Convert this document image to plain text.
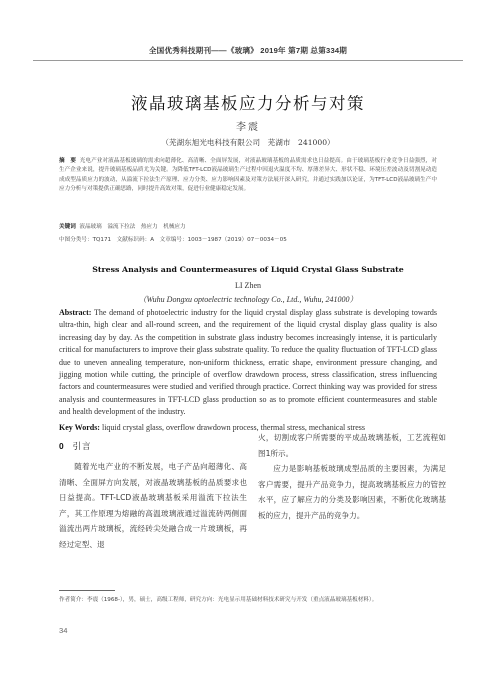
全国优秀科技期刊——《玻璃》 2019年 第7期 总第334期
液晶玻璃基板应力分析与对策
李震
（芜湖东旭光电科技有限公司　芜湖市　241000）
摘　要 光电产业对液晶基板玻璃的需求向超薄化、高清晰、全面屏发展，对液晶玻璃基板的品质需求也日益提高。由于玻璃基板行业竞争日益强烈，对生产企业来说，提升玻璃基板品质尤为关键。为降低TFT-LCD液晶玻璃生产过程中因退火温度不均、厚薄差异大、形状不稳、环境压差波动及切割晃动造成成型品质应力的波动，从溢流下拉法生产原理、应力分类、应力影响因素及对策方法展开深入研究，并通过实践加以论证，为TFT-LCD液晶玻璃生产中应力分析与对策提供正确思路，同时提升高效对策，促进行业健康稳定发展。
关键词 液晶玻璃　溢流下拉法　热应力　机械应力
中图分类号：TQ171　文献标识码：A　文章编号：1003－1987（2019）07－0034－05
Stress Analysis and Countermeasures of Liquid Crystal Glass Substrate
LI Zhen
（Wuhu Dongxu optoelectric technology Co., Ltd., Wuhu, 241000）
Abstract: The demand of photoelectric industry for the liquid crystal display glass substrate is developing towards ultra-thin, high clear and all-round screen, and the requirement of the liquid crystal display glass quality is also increasing day by day. As the competition in substrate glass industry becomes increasingly intense, it is particularly critical for manufacturers to improve their glass substrate quality. To reduce the quality fluctuation of TFT-LCD glass due to uneven annealing temperature, non-uniform thickness, erratic shape, environment pressure changing, and jigging motion while cutting, the principle of overflow drawdown process, stress classification, stress influencing factors and countermeasures were studied and verified through practice. Correct thinking way was provided for stress analysis and countermeasures in TFT-LCD glass production so as to promote efficient countermeasures and stable and health development of the industry.
Key Words: liquid crystal glass, overflow drawdown process, thermal stress, mechanical stress
0 引言
随着光电产业的不断发展，电子产品向超薄化、高清晰、全面屏方向发展，对液晶玻璃基板的品质要求也日益提高。TFT-LCD液晶玻璃基板采用溢流下拉法生产，其工作原理为熔融的高温玻璃液通过溢流砖两侧面溢流出两片玻璃板，流经砖尖处融合成一片玻璃板，再经过定型、退
火，切割成客户所需要的平成品玻璃基板，工艺流程如图1所示。
应力是影响基板玻璃成型品质的主要因素，为满足客户需要，提升产品竞争力，提高玻璃基板应力的管控水平，应了解应力的分类及影响因素，不断优化玻璃基板的应力，提升产品的竞争力。
作者简介：李震（1968-），男，硕士，高级工程师，研究方向：光电显示用基础材料技术研究与开发（重点液晶玻璃基板材料）。
34
